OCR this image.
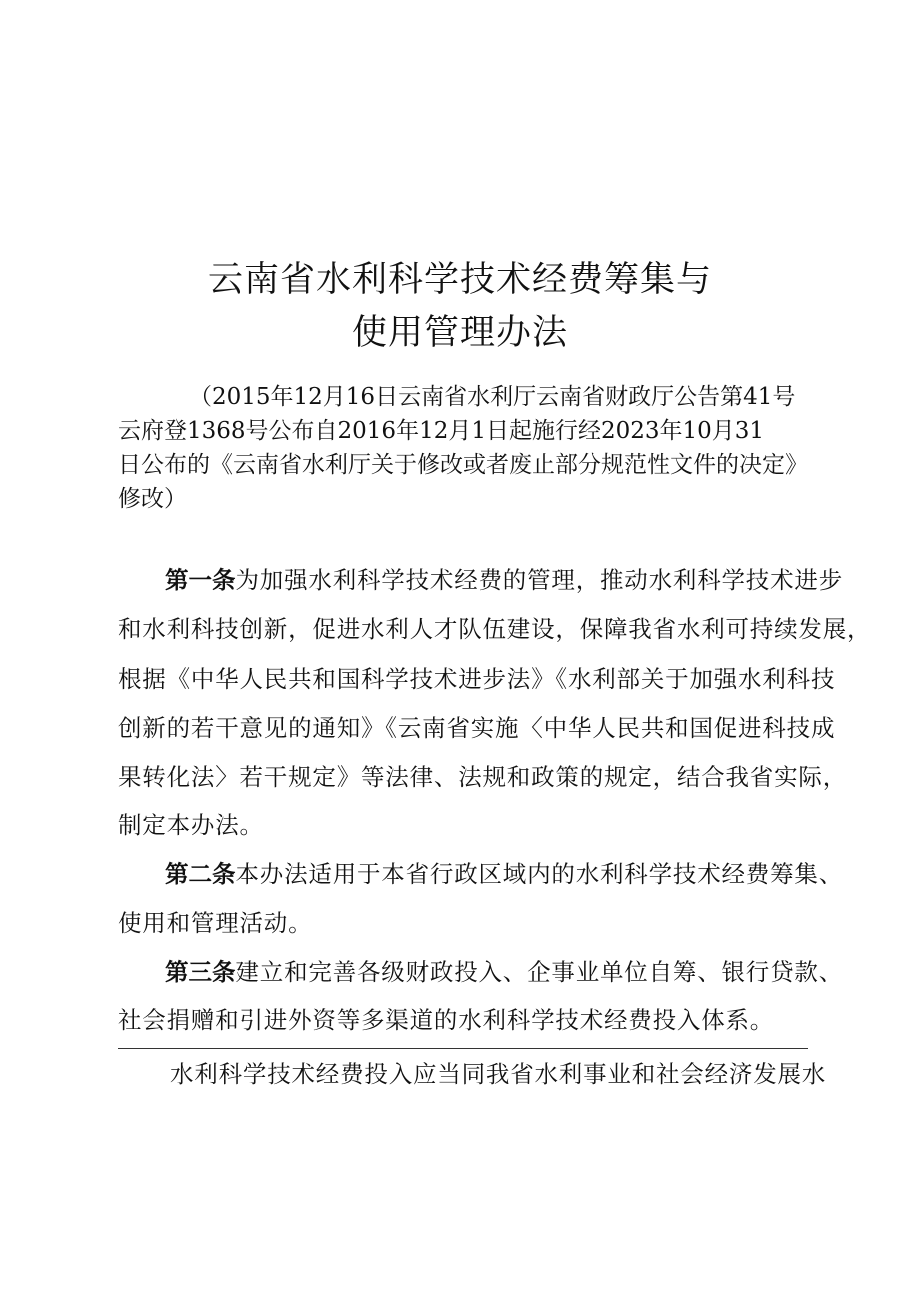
云南省水利科学技术经费筹集与
使用管理办法
（2015年12月16日云南省水利厅云南省财政厅公告第41号
云府登1368号公布自2016年12月1日起施行经2023年10月31
日公布的《云南省水利厅关于修改或者废止部分规范性文件的决定》
修改）
第一条为加强水利科学技术经费的管理，推动水利科学技术进步
和水利科技创新，促进水利人才队伍建设，保障我省水利可持续发展，
根据《中华人民共和国科学技术进步法》《水利部关于加强水利科技
创新的若干意见的通知》《云南省实施〈中华人民共和国促进科技成
果转化法〉若干规定》等法律、法规和政策的规定，结合我省实际，
制定本办法。
第二条本办法适用于本省行政区域内的水利科学技术经费筹集、
使用和管理活动。
第三条建立和完善各级财政投入、企事业单位自筹、银行贷款、
社会捐赠和引进外资等多渠道的水利科学技术经费投入体系。
水利科学技术经费投入应当同我省水利事业和社会经济发展水
